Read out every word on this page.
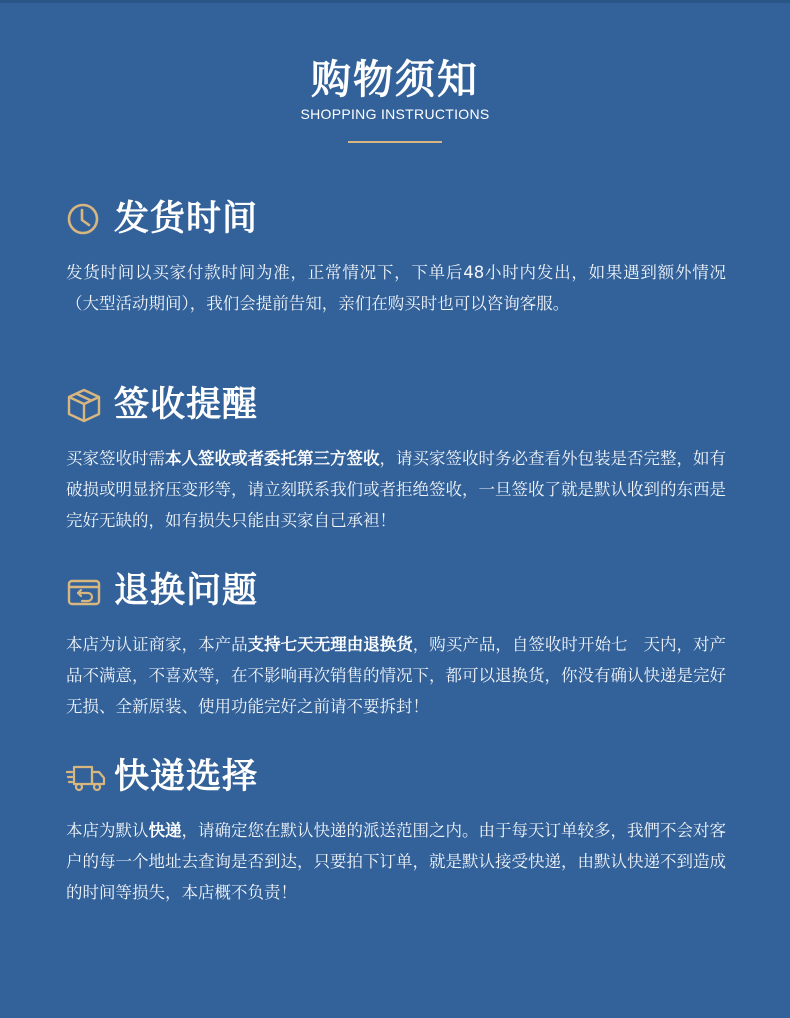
购物须知
SHOPPING INSTRUCTIONS
发货时间
发货时间以买家付款时间为准，正常情况下，下单后48小时内发出，如果遇到额外情况（大型活动期间），我们会提前告知，亲们在购买时也可以咨询客服。
签收提醒
买家签收时需本人签收或者委托第三方签收，请买家签收时务必查看外包装是否完整，如有破损或明显挤压变形等，请立刻联系我们或者拒绝签收，一旦签收了就是默认收到的东西是完好无缺的，如有损失只能由买家自己承袒！
退换问题
本店为认证商家，本产品支持七天无理由退换货，购买产品，自签收时开始七 天内，对产品不满意，不喜欢等，在不影响再次销售的情况下，都可以退换货，你没有确认快递是完好无损、全新原装、使用功能完好之前请不要拆封！
快递选择
本店为默认快递，请确定您在默认快递的派送范围之内。由于每天订单较多，我們不会对客户的每一个地址去查询是否到达，只要拍下订单，就是默认接受快递，由默认快递不到造成的时间等损失，本店概不负责！
